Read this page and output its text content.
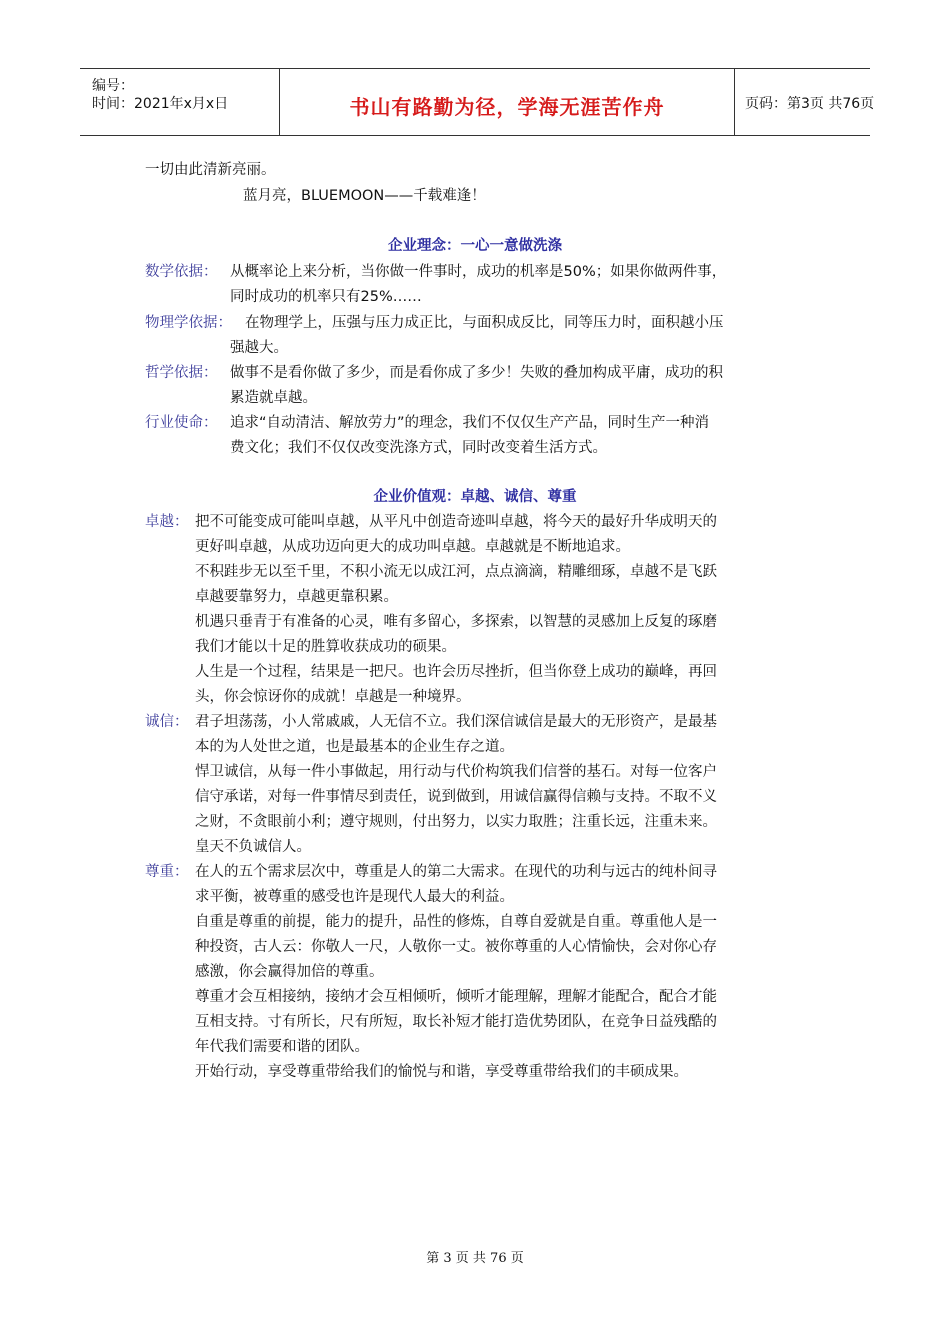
编号：
时间：2021年x月x日	书山有路勤为径，学海无涯苦作舟	页码：第3页 共76页
一切由此清新亮丽。
蓝月亮，BLUEMOON——千载难逢！
企业理念：一心一意做洗涤
数学依据： 从概率论上来分析，当你做一件事时，成功的机率是50%；如果你做两件事，
同时成功的机率只有25%……
物理学依据： 在物理学上，压强与压力成正比，与面积成反比，同等压力时，面积越小压
强越大。
哲学依据： 做事不是看你做了多少，而是看你成了多少！失败的叠加构成平庸，成功的积
累造就卓越。
行业使命： 追求“自动清洁、解放劳力”的理念，我们不仅仅生产产品，同时生产一种消
费文化；我们不仅仅改变洗涤方式，同时改变着生活方式。
企业价值观：卓越、诚信、尊重
卓越： 把不可能变成可能叫卓越，从平凡中创造奇迹叫卓越，将今天的最好升华成明天的
更好叫卓越，从成功迈向更大的成功叫卓越。卓越就是不断地追求。
不积跬步无以至千里，不积小流无以成江河，点点滴滴，精雕细琢，卓越不是飞跃
卓越要靠努力，卓越更靠积累。
机遇只垂青于有准备的心灵，唯有多留心，多探索，以智慧的灵感加上反复的琢磨
我们才能以十足的胜算收获成功的硕果。
人生是一个过程，结果是一把尺。也许会历尽挫折，但当你登上成功的巅峰，再回
头，你会惊讶你的成就！卓越是一种境界。
诚信： 君子坦荡荡，小人常戚戚，人无信不立。我们深信诚信是最大的无形资产，是最基
本的为人处世之道，也是最基本的企业生存之道。
悍卫诚信，从每一件小事做起，用行动与代价构筑我们信誉的基石。对每一位客户
信守承诺，对每一件事情尽到责任，说到做到，用诚信赢得信赖与支持。不取不义
之财，不贪眼前小利；遵守规则，付出努力，以实力取胜；注重长远，注重未来。
皇天不负诚信人。
尊重： 在人的五个需求层次中，尊重是人的第二大需求。在现代的功利与远古的纯朴间寻
求平衡，被尊重的感受也许是现代人最大的利益。
自重是尊重的前提，能力的提升，品性的修炼，自尊自爱就是自重。尊重他人是一
种投资，古人云：你敬人一尺，人敬你一丈。被你尊重的人心情愉快，会对你心存
感激，你会赢得加倍的尊重。
尊重才会互相接纳，接纳才会互相倾听，倾听才能理解，理解才能配合，配合才能
互相支持。寸有所长，尺有所短，取长补短才能打造优势团队，在竞争日益残酷的
年代我们需要和谐的团队。
开始行动，享受尊重带给我们的愉悦与和谐，享受尊重带给我们的丰硕成果。
第 3 页 共 76 页
